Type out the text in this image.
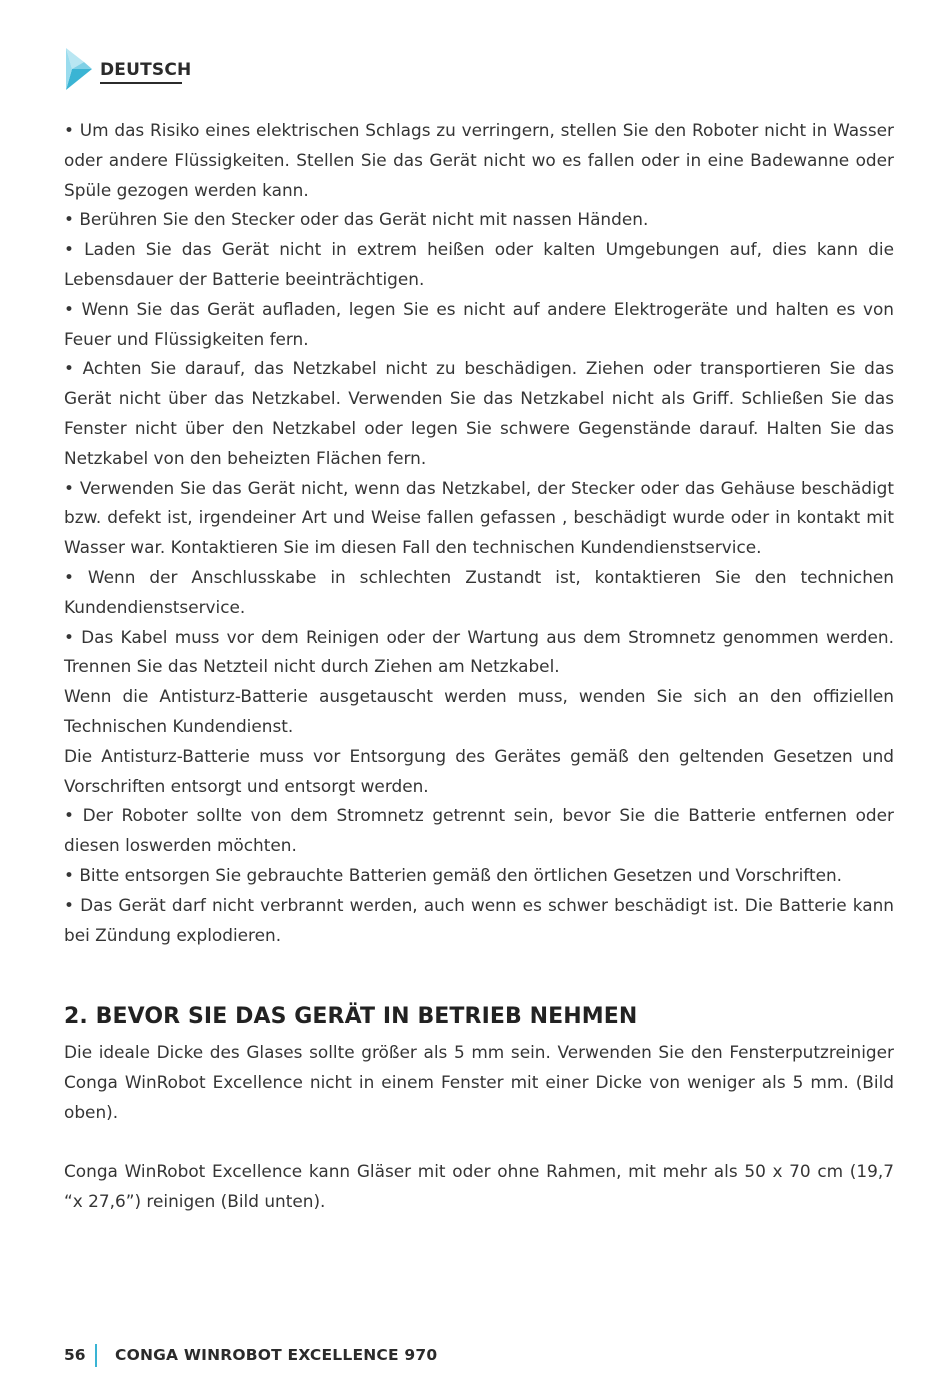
DEUTSCH

• Um das Risiko eines elektrischen Schlags zu verringern, stellen Sie den Roboter nicht in Wasser oder andere Flüssigkeiten. Stellen Sie das Gerät nicht wo es fallen oder in eine Badewanne oder Spüle gezogen werden kann.

• Berühren Sie den Stecker oder das Gerät nicht mit nassen Händen.

• Laden Sie das Gerät nicht in extrem heißen oder kalten Umgebungen auf, dies kann die Lebensdauer der Batterie beeinträchtigen.

• Wenn Sie das Gerät aufladen, legen Sie es nicht auf andere Elektrogeräte und halten es von Feuer und Flüssigkeiten fern.

• Achten Sie darauf, das Netzkabel nicht zu beschädigen. Ziehen oder transportieren Sie das Gerät nicht über das Netzkabel. Verwenden Sie das Netzkabel nicht als Griff. Schließen Sie das Fenster nicht über den Netzkabel oder legen Sie schwere Gegenstände darauf. Halten Sie das Netzkabel von den beheizten Flächen fern.

• Verwenden Sie das Gerät nicht, wenn das Netzkabel, der Stecker oder das Gehäuse beschädigt bzw. defekt ist, irgendeiner Art und Weise fallen gefassen , beschädigt wurde oder in kontakt mit Wasser war. Kontaktieren Sie im diesen Fall den technischen Kundendienstservice.

• Wenn der Anschlusskabe in schlechten Zustandt ist, kontaktieren Sie den technichen Kundendienstservice.

• Das Kabel muss vor dem Reinigen oder der Wartung aus dem Stromnetz genommen werden. Trennen Sie das Netzteil nicht durch Ziehen am Netzkabel.

Wenn die Antisturz-Batterie ausgetauscht werden muss, wenden Sie sich an den offiziellen Technischen Kundendienst.

Die Antisturz-Batterie muss vor Entsorgung des Gerätes gemäß den geltenden Gesetzen und Vorschriften entsorgt und entsorgt werden.

• Der Roboter sollte von dem Stromnetz getrennt sein, bevor Sie die Batterie entfernen oder diesen loswerden möchten.

• Bitte entsorgen Sie gebrauchte Batterien gemäß den örtlichen Gesetzen und Vorschriften.

• Das Gerät darf nicht verbrannt werden, auch wenn es schwer beschädigt ist. Die Batterie kann bei Zündung explodieren.

2. BEVOR SIE DAS GERÄT IN BETRIEB NEHMEN

Die ideale Dicke des Glases sollte größer als 5 mm sein. Verwenden Sie den Fensterputzreiniger Conga WinRobot Excellence nicht in einem Fenster mit einer Dicke von weniger als 5 mm. (Bild oben).

Conga WinRobot Excellence kann Gläser mit oder ohne Rahmen, mit mehr als 50 x 70 cm (19,7 “x 27,6”) reinigen (Bild unten).

56 CONGA WINROBOT EXCELLENCE 970
